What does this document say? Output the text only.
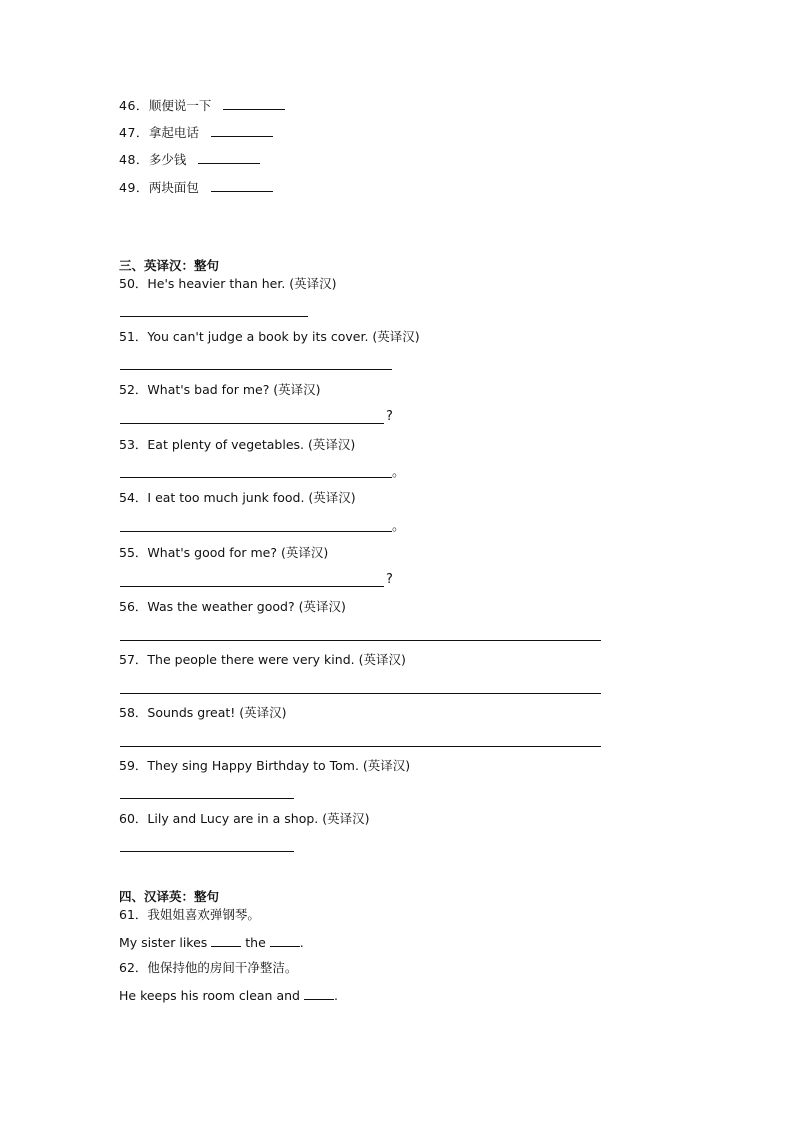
46．顺便说一下
47．拿起电话
48．多少钱
49．两块面包
三、英译汉：整句
50．He's heavier than her. (英译汉)
51．You can't judge a book by its cover. (英译汉)
52．What's bad for me? (英译汉)
?
53．Eat plenty of vegetables. (英译汉)
。
54．I eat too much junk food. (英译汉)
。
55．What's good for me? (英译汉)
?
56．Was the weather good? (英译汉)
57．The people there were very kind. (英译汉)
58．Sounds great! (英译汉)
59．They sing Happy Birthday to Tom. (英译汉)
60．Lily and Lucy are in a shop. (英译汉)
四、汉译英：整句
61．我姐姐喜欢弹钢琴。
My sister likes  the .
62．他保持他的房间干净整洁。
He keeps his room clean and .
